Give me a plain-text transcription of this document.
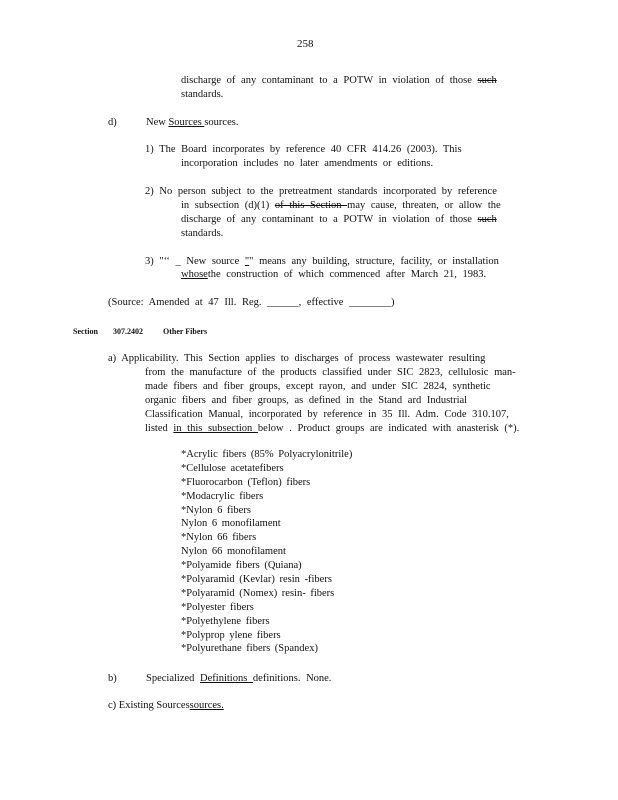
258
discharge of any contaminant to a POTW in violation of those such
standards.
d)	New Sources sources.
1) The Board incorporates by reference 40 CFR 414.26 (2003). This
incorporation includes no later amendments or editions.
2) No person subject to the pretreatment standards incorporated by reference
in subsection (d)(1) of this Section may cause, threaten, or allow the
discharge of any contaminant to a POTW in violation of those such
standards.
3) "‘‘ _ New source "" means any building, structure, facility, or installation
whosethe construction of which commenced after March 21, 1983.
(Source: Amended at 47 Ill. Reg. ______, effective ________)
Section 307.2402	Other Fibers
a) Applicability. This Section applies to discharges of process wastewater resulting
from the manufacture of the products classified under SIC 2823, cellulosic man-
made fibers and fiber groups, except rayon, and under SIC 2824, synthetic
organic fibers and fiber groups, as defined in the Stand ard Industrial
Classification Manual, incorporated by reference in 35 Ill. Adm. Code 310.107,
listed in this subsection below . Product groups are indicated with anasterisk (*).
*Acrylic fibers (85% Polyacrylonitrile)
*Cellulose acetatefibers
*Fluorocarbon (Teflon) fibers
*Modacrylic fibers
*Nylon 6 fibers
Nylon 6 monofilament
*Nylon 66 fibers
Nylon 66 monofilament
*Polyamide fibers (Quiana)
*Polyaramid (Kevlar) resin -fibers
*Polyaramid (Nomex) resin- fibers
*Polyester fibers
*Polyethylene fibers
*Polyprop ylene fibers
*Polyurethane fibers (Spandex)
b)	Specialized Definitions definitions. None.
c) Existing Sourcessources.
